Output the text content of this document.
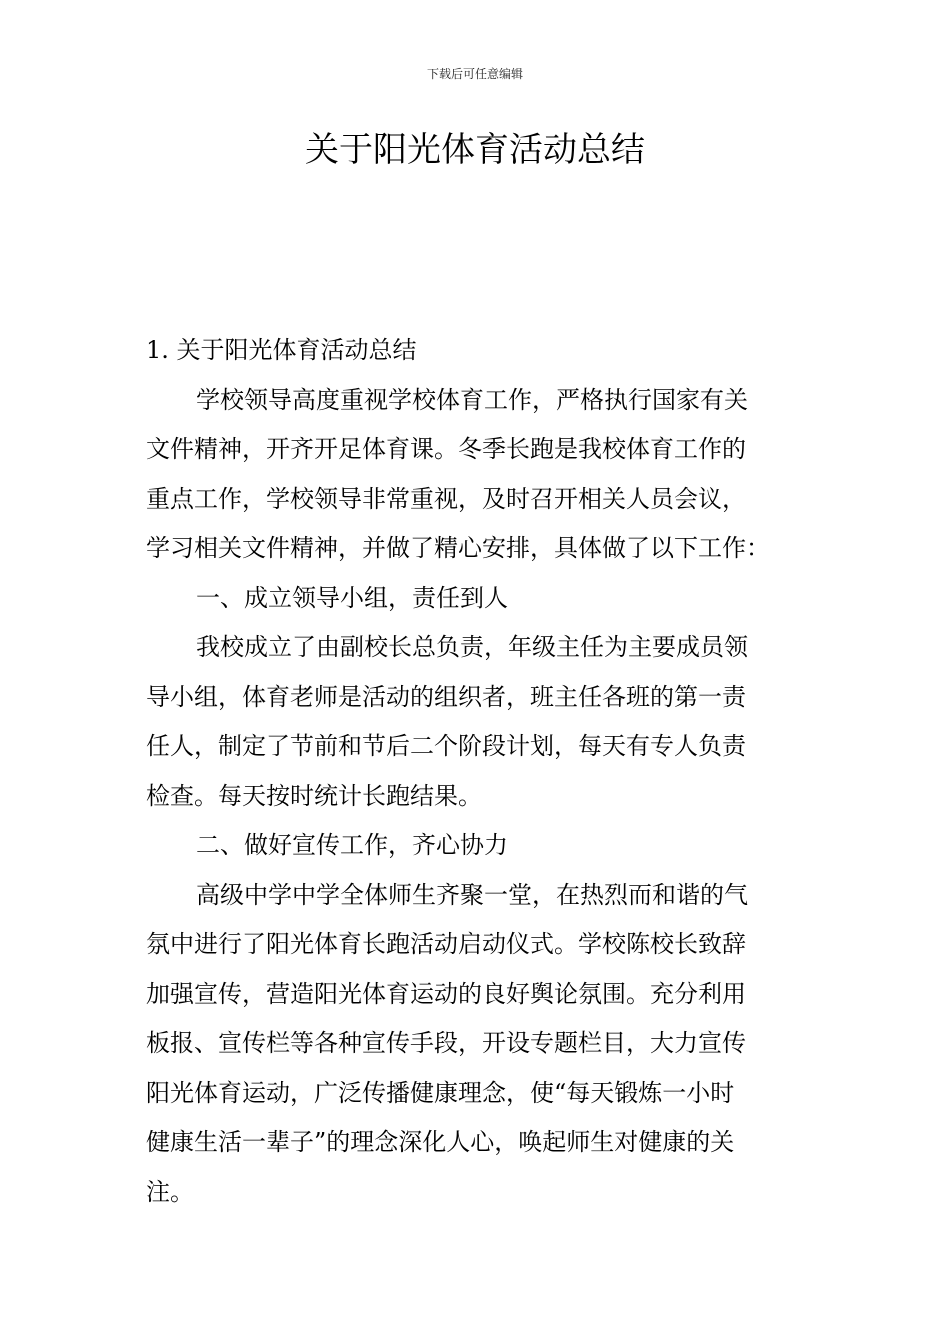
下载后可任意编辑
关于阳光体育活动总结
1. 关于阳光体育活动总结
学校领导高度重视学校体育工作，严格执行国家有关
文件精神，开齐开足体育课。冬季长跑是我校体育工作的
重点工作，学校领导非常重视，及时召开相关人员会议，
学习相关文件精神，并做了精心安排，具体做了以下工作：
一、成立领导小组，责任到人
我校成立了由副校长总负责，年级主任为主要成员领
导小组，体育老师是活动的组织者，班主任各班的第一责
任人，制定了节前和节后二个阶段计划，每天有专人负责
检查。每天按时统计长跑结果。
二、做好宣传工作，齐心协力
高级中学中学全体师生齐聚一堂，在热烈而和谐的气
氛中进行了阳光体育长跑活动启动仪式。学校陈校长致辞
加强宣传，营造阳光体育运动的良好舆论氛围。充分利用
板报、宣传栏等各种宣传手段，开设专题栏目，大力宣传
阳光体育运动，广泛传播健康理念，使“每天锻炼一小时
健康生活一辈子”的理念深化人心，唤起师生对健康的关
注。
